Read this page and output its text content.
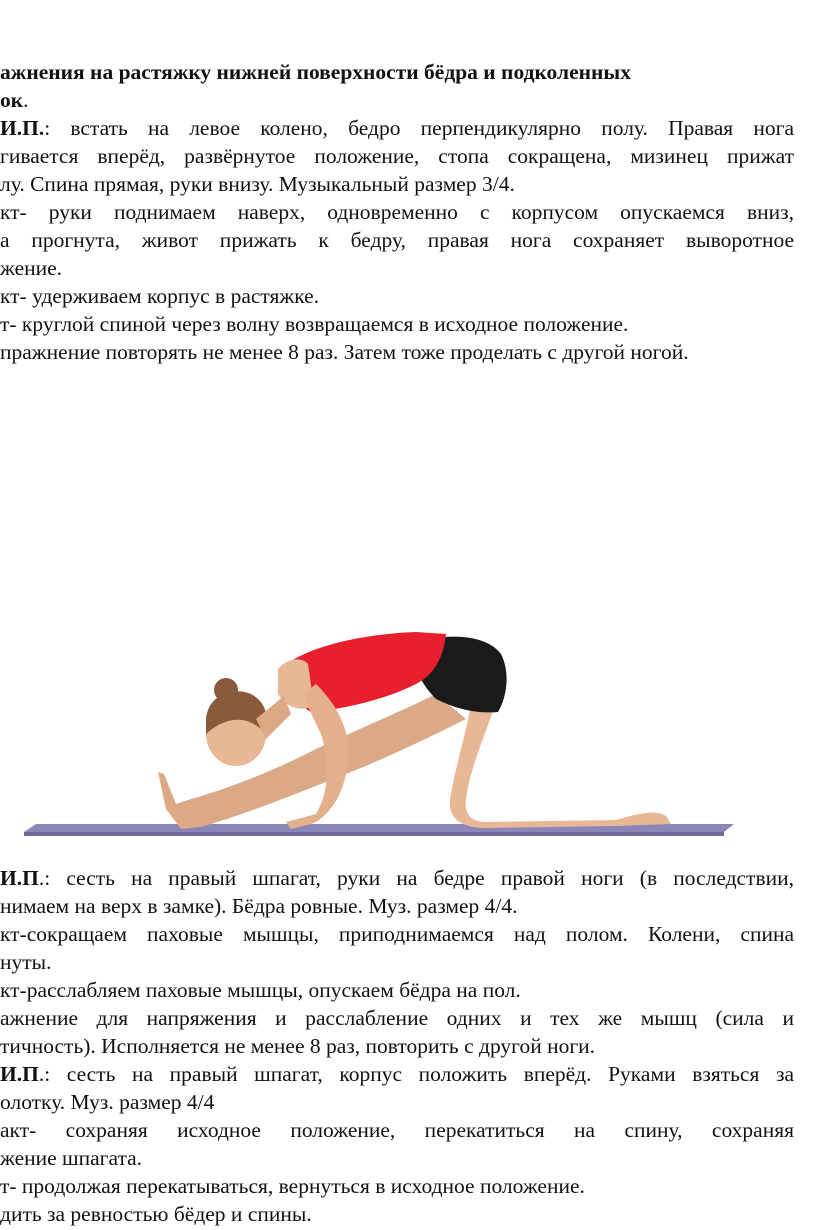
ажнения на растяжку нижней поверхности бёдра и подколенных
ок.
И.П.: встать на левое колено, бедро перпендикулярно полу. Правая нога
гивается вперёд, развёрнутое положение, стопа сокращена, мизинец прижат
лу. Спина прямая, руки внизу. Музыкальный размер 3/4.
кт- руки поднимаем наверх, одновременно с корпусом опускаемся вниз,
а прогнута, живот прижать к бедру, правая нога сохраняет выворотное
жение.
кт- удерживаем корпус в растяжке.
т- круглой спиной через волну возвращаемся в исходное положение.
пражнение повторять не менее 8 раз. Затем тоже проделать с другой ногой.
И.П.: сесть на правый шпагат, руки на бедре правой ноги (в последствии,
нимаем на верх в замке). Бёдра ровные. Муз. размер 4/4.
кт-сокращаем паховые мышцы, приподнимаемся над полом. Колени, спина
нуты.
кт-расслабляем паховые мышцы, опускаем бёдра на пол.
ажнение для напряжения и расслабление одних и тех же мышц (сила и
тичность). Исполняется не менее 8 раз, повторить с другой ноги.
И.П.: сесть на правый шпагат, корпус положить вперёд. Руками взяться за
олотку. Муз. размер 4/4
акт- сохраняя исходное положение, перекатиться на спину, сохраняя
жение шпагата.
т- продолжая перекатываться, вернуться в исходное положение.
дить за ревностью бёдер и спины.
